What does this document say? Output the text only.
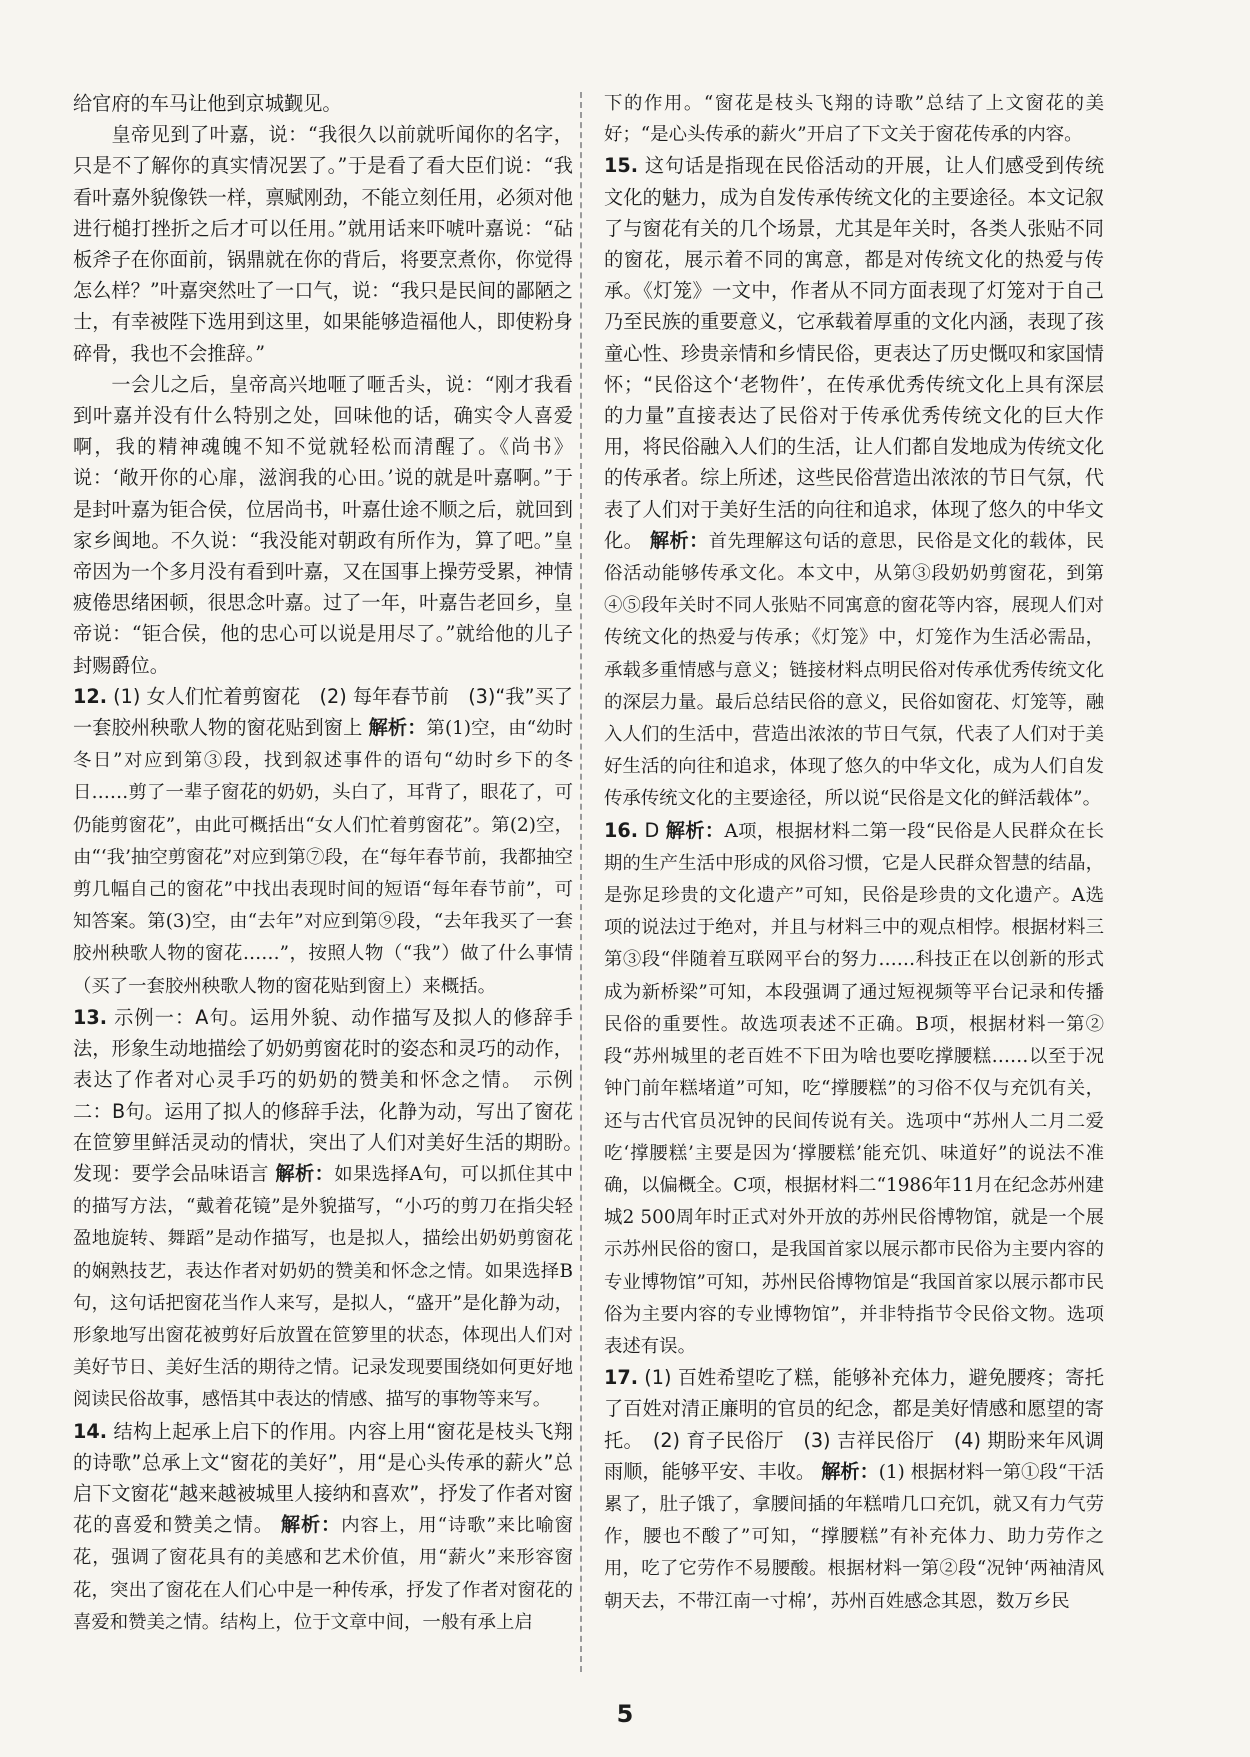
给官府的车马让他到京城觐见。

皇帝见到了叶嘉，说：“我很久以前就听闻你的名字，只是不了解你的真实情况罢了。”于是看了看大臣们说：“我看叶嘉外貌像铁一样，禀赋刚劲，不能立刻任用，必须对他进行槌打挫折之后才可以任用。”就用话来吓唬叶嘉说：“砧板斧子在你面前，锅鼎就在你的背后，将要烹煮你，你觉得怎么样？”叶嘉突然吐了一口气，说：“我只是民间的鄙陋之士，有幸被陛下选用到这里，如果能够造福他人，即使粉身碎骨，我也不会推辞。”

一会儿之后，皇帝高兴地咂了咂舌头，说：“刚才我看到叶嘉并没有什么特别之处，回味他的话，确实令人喜爱啊，我的精神魂魄不知不觉就轻松而清醒了。《尚书》说：‘敞开你的心扉，滋润我的心田。’说的就是叶嘉啊。”于是封叶嘉为钜合侯，位居尚书，叶嘉仕途不顺之后，就回到家乡闽地。不久说：“我没能对朝政有所作为，算了吧。”皇帝因为一个多月没有看到叶嘉，又在国事上操劳受累，神情疲倦思绪困顿，很思念叶嘉。过了一年，叶嘉告老回乡，皇帝说：“钜合侯，他的忠心可以说是用尽了。”就给他的儿子封赐爵位。

12. (1) 女人们忙着剪窗花　(2) 每年春节前　(3)“我”买了一套胶州秧歌人物的窗花贴到窗上 解析：第(1)空，由“幼时冬日”对应到第③段，找到叙述事件的语句“幼时乡下的冬日……剪了一辈子窗花的奶奶，头白了，耳背了，眼花了，可仍能剪窗花”，由此可概括出“女人们忙着剪窗花”。第(2)空，由“‘我’抽空剪窗花”对应到第⑦段，在“每年春节前，我都抽空剪几幅自己的窗花”中找出表现时间的短语“每年春节前”，可知答案。第(3)空，由“去年”对应到第⑨段，“去年我买了一套胶州秧歌人物的窗花……”，按照人物（“我”）做了什么事情（买了一套胶州秧歌人物的窗花贴到窗上）来概括。

13. 示例一：A句。运用外貌、动作描写及拟人的修辞手法，形象生动地描绘了奶奶剪窗花时的姿态和灵巧的动作，表达了作者对心灵手巧的奶奶的赞美和怀念之情。　示例二：B句。运用了拟人的修辞手法，化静为动，写出了窗花在笸箩里鲜活灵动的情状，突出了人们对美好生活的期盼。　发现：要学会品味语言 解析：如果选择A句，可以抓住其中的描写方法，“戴着花镜”是外貌描写，“小巧的剪刀在指尖轻盈地旋转、舞蹈”是动作描写，也是拟人，描绘出奶奶剪窗花的娴熟技艺，表达作者对奶奶的赞美和怀念之情。如果选择B句，这句话把窗花当作人来写，是拟人，“盛开”是化静为动，形象地写出窗花被剪好后放置在笸箩里的状态，体现出人们对美好节日、美好生活的期待之情。记录发现要围绕如何更好地阅读民俗故事，感悟其中表达的情感、描写的事物等来写。

14. 结构上起承上启下的作用。内容上用“窗花是枝头飞翔的诗歌”总承上文“窗花的美好”，用“是心头传承的薪火”总启下文窗花“越来越被城里人接纳和喜欢”，抒发了作者对窗花的喜爱和赞美之情。 解析：内容上，用“诗歌”来比喻窗花，强调了窗花具有的美感和艺术价值，用“薪火”来形容窗花，突出了窗花在人们心中是一种传承，抒发了作者对窗花的喜爱和赞美之情。结构上，位于文章中间，一般有承上启

下的作用。“窗花是枝头飞翔的诗歌”总结了上文窗花的美好；“是心头传承的薪火”开启了下文关于窗花传承的内容。

15. 这句话是指现在民俗活动的开展，让人们感受到传统文化的魅力，成为自发传承传统文化的主要途径。本文记叙了与窗花有关的几个场景，尤其是年关时，各类人张贴不同的窗花，展示着不同的寓意，都是对传统文化的热爱与传承。《灯笼》一文中，作者从不同方面表现了灯笼对于自己乃至民族的重要意义，它承载着厚重的文化内涵，表现了孩童心性、珍贵亲情和乡情民俗，更表达了历史慨叹和家国情怀；“民俗这个‘老物件’，在传承优秀传统文化上具有深层的力量”直接表达了民俗对于传承优秀传统文化的巨大作用，将民俗融入人们的生活，让人们都自发地成为传统文化的传承者。综上所述，这些民俗营造出浓浓的节日气氛，代表了人们对于美好生活的向往和追求，体现了悠久的中华文化。 解析：首先理解这句话的意思，民俗是文化的载体，民俗活动能够传承文化。本文中，从第③段奶奶剪窗花，到第④⑤段年关时不同人张贴不同寓意的窗花等内容，展现人们对传统文化的热爱与传承；《灯笼》中，灯笼作为生活必需品，承载多重情感与意义；链接材料点明民俗对传承优秀传统文化的深层力量。最后总结民俗的意义，民俗如窗花、灯笼等，融入人们的生活中，营造出浓浓的节日气氛，代表了人们对于美好生活的向往和追求，体现了悠久的中华文化，成为人们自发传承传统文化的主要途径，所以说“民俗是文化的鲜活载体”。

16. D 解析：A项，根据材料二第一段“民俗是人民群众在长期的生产生活中形成的风俗习惯，它是人民群众智慧的结晶，是弥足珍贵的文化遗产”可知，民俗是珍贵的文化遗产。A选项的说法过于绝对，并且与材料三中的观点相悖。根据材料三第③段“伴随着互联网平台的努力……科技正在以创新的形式成为新桥梁”可知，本段强调了通过短视频等平台记录和传播民俗的重要性。故选项表述不正确。B项，根据材料一第②段“苏州城里的老百姓不下田为啥也要吃撑腰糕……以至于况钟门前年糕堵道”可知，吃“撑腰糕”的习俗不仅与充饥有关，还与古代官员况钟的民间传说有关。选项中“苏州人二月二爱吃‘撑腰糕’主要是因为‘撑腰糕’能充饥、味道好”的说法不准确，以偏概全。C项，根据材料二“1986年11月在纪念苏州建城2 500周年时正式对外开放的苏州民俗博物馆，就是一个展示苏州民俗的窗口，是我国首家以展示都市民俗为主要内容的专业博物馆”可知，苏州民俗博物馆是“我国首家以展示都市民俗为主要内容的专业博物馆”，并非特指节令民俗文物。选项表述有误。

17. (1) 百姓希望吃了糕，能够补充体力，避免腰疼；寄托了百姓对清正廉明的官员的纪念，都是美好情感和愿望的寄托。　(2) 育子民俗厅　(3) 吉祥民俗厅　(4) 期盼来年风调雨顺，能够平安、丰收。 解析：(1) 根据材料一第①段“干活累了，肚子饿了，拿腰间插的年糕啃几口充饥，就又有力气劳作，腰也不酸了”可知，“撑腰糕”有补充体力、助力劳作之用，吃了它劳作不易腰酸。根据材料一第②段“况钟‘两袖清风朝天去，不带江南一寸棉’，苏州百姓感念其恩，数万乡民

5
